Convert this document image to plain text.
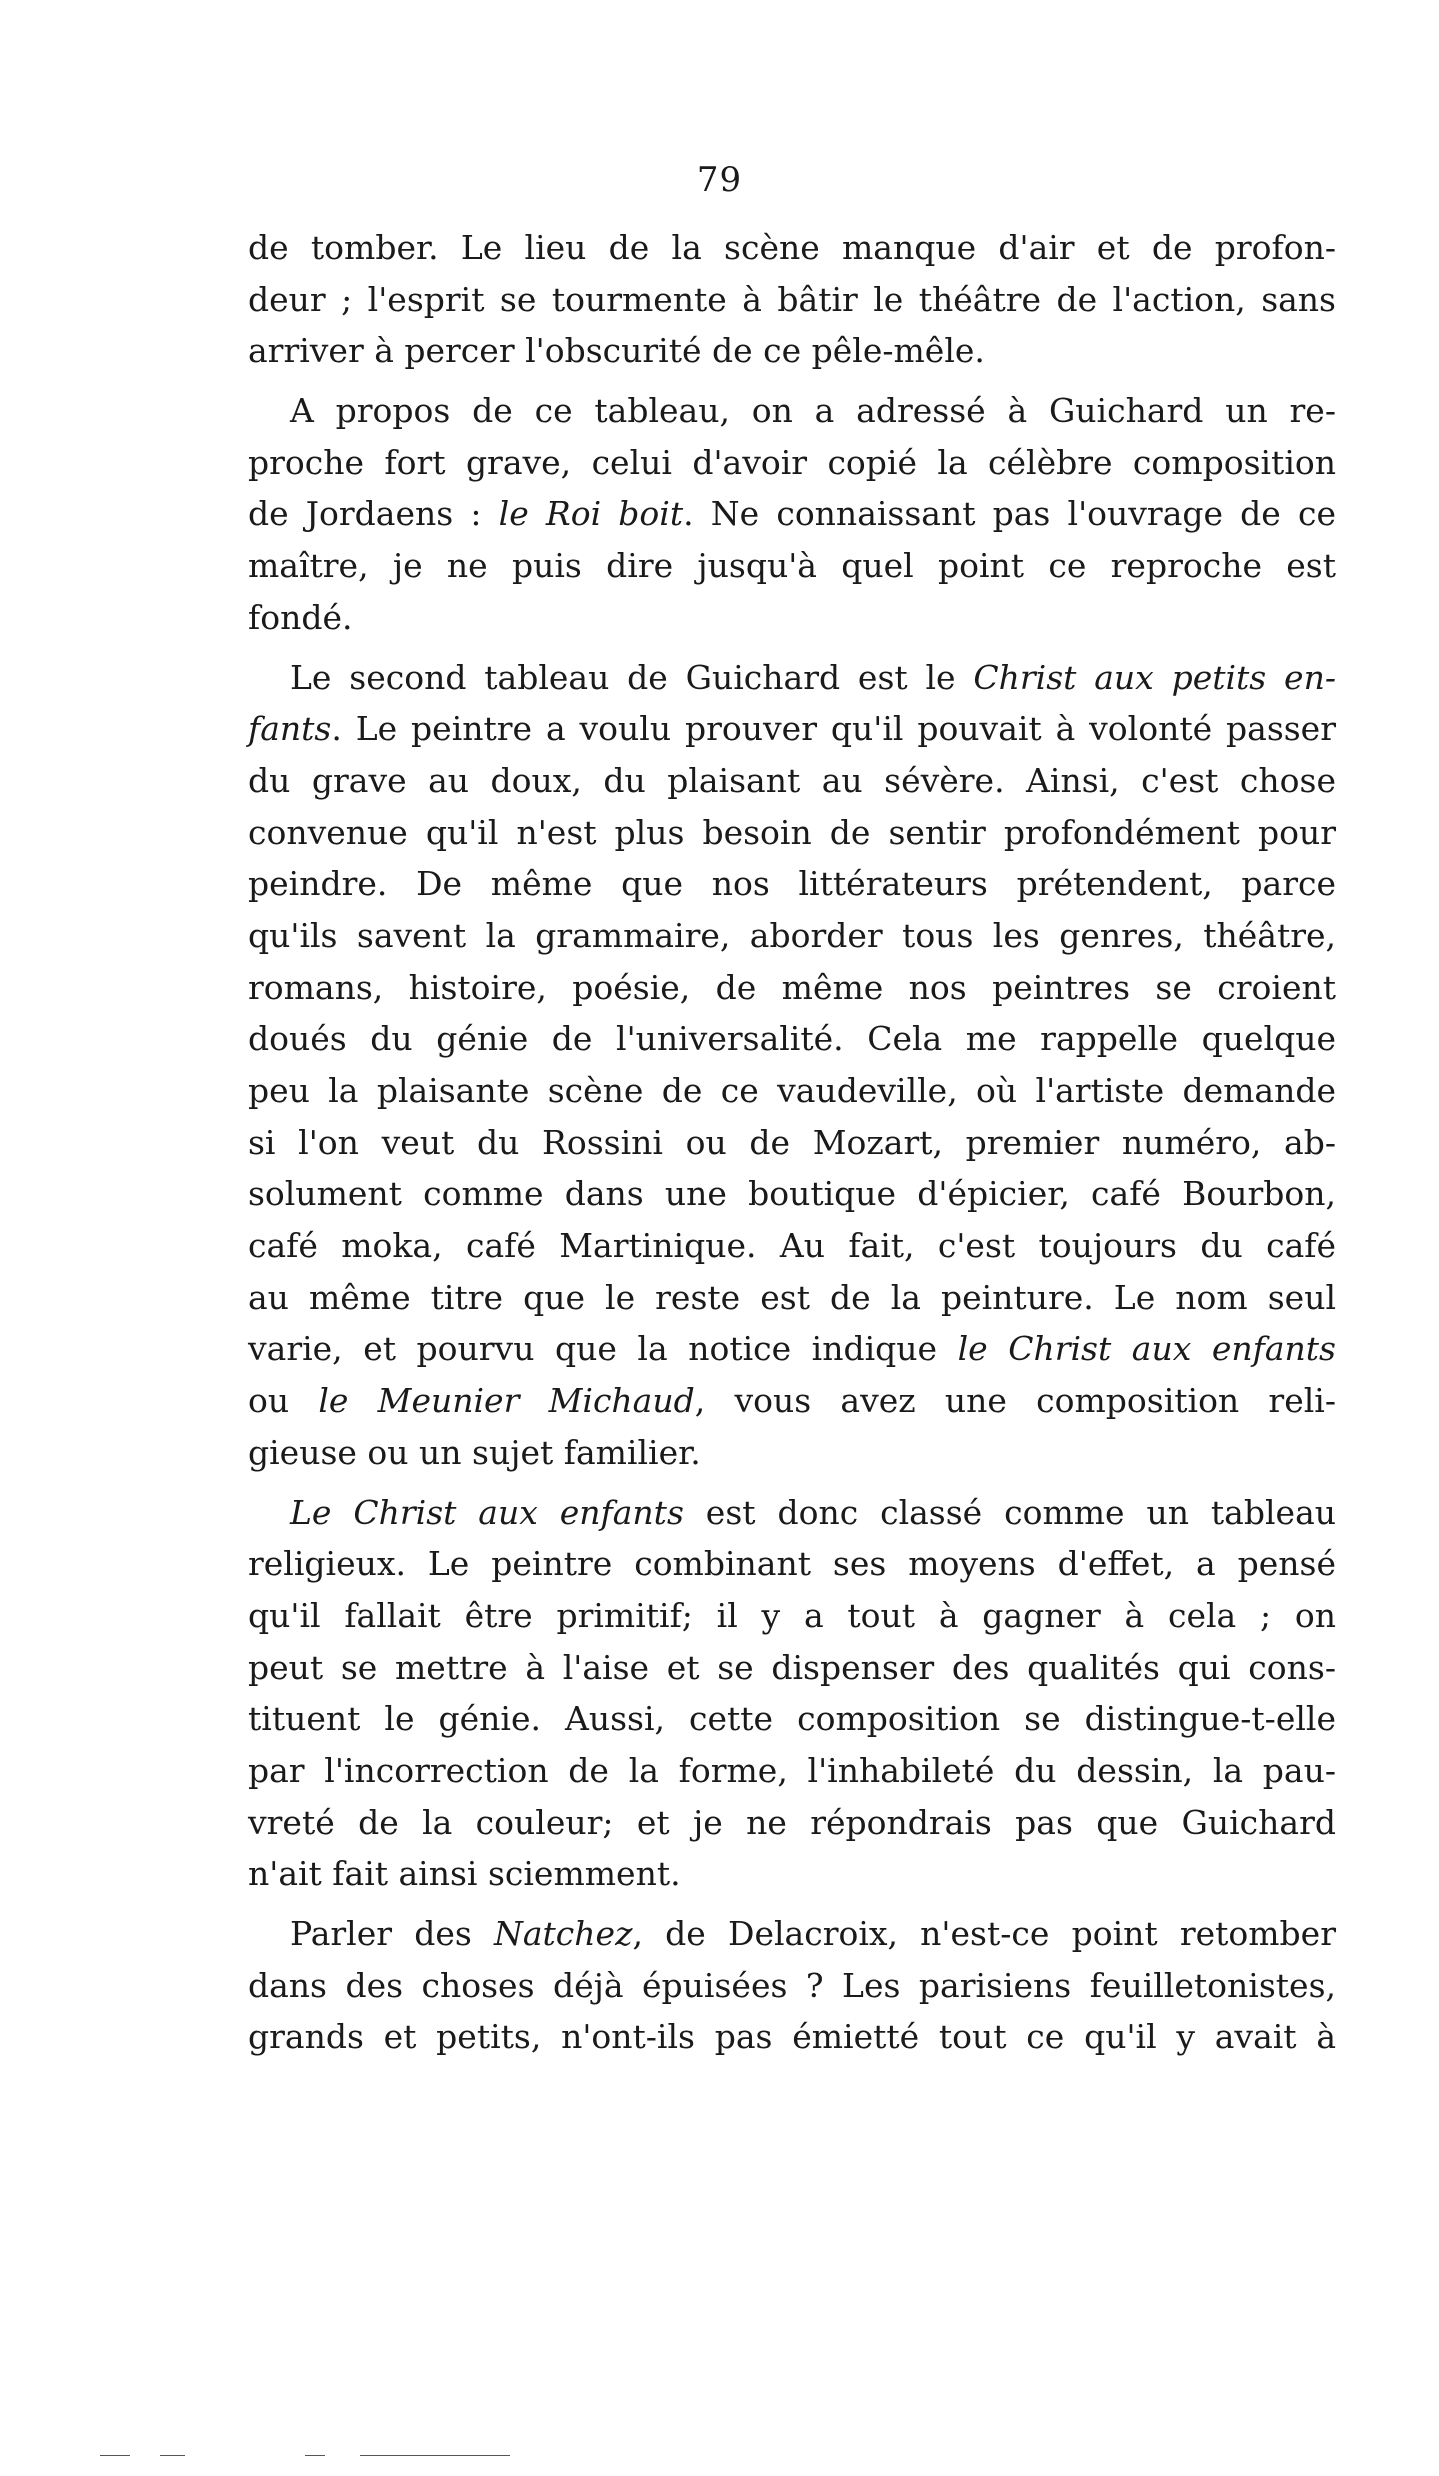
79
de tomber. Le lieu de la scène manque d'air et de profon-
deur ; l'esprit se tourmente à bâtir le théâtre de l'action, sans
arriver à percer l'obscurité de ce pêle-mêle.
A propos de ce tableau, on a adressé à Guichard un re-
proche fort grave, celui d'avoir copié la célèbre composition
de Jordaens : le Roi boit. Ne connaissant pas l'ouvrage de ce
maître, je ne puis dire jusqu'à quel point ce reproche est
fondé.
Le second tableau de Guichard est le Christ aux petits en-
fants. Le peintre a voulu prouver qu'il pouvait à volonté passer
du grave au doux, du plaisant au sévère. Ainsi, c'est chose
convenue qu'il n'est plus besoin de sentir profondément pour
peindre. De même que nos littérateurs prétendent, parce
qu'ils savent la grammaire, aborder tous les genres, théâtre,
romans, histoire, poésie, de même nos peintres se croient
doués du génie de l'universalité. Cela me rappelle quelque
peu la plaisante scène de ce vaudeville, où l'artiste demande
si l'on veut du Rossini ou de Mozart, premier numéro, ab-
solument comme dans une boutique d'épicier, café Bourbon,
café moka, café Martinique. Au fait, c'est toujours du café
au même titre que le reste est de la peinture. Le nom seul
varie, et pourvu que la notice indique le Christ aux enfants
ou le Meunier Michaud, vous avez une composition reli-
gieuse ou un sujet familier.
Le Christ aux enfants est donc classé comme un tableau
religieux. Le peintre combinant ses moyens d'effet, a pensé
qu'il fallait être primitif; il y a tout à gagner à cela ; on
peut se mettre à l'aise et se dispenser des qualités qui cons-
tituent le génie. Aussi, cette composition se distingue-t-elle
par l'incorrection de la forme, l'inhabileté du dessin, la pau-
vreté de la couleur; et je ne répondrais pas que Guichard
n'ait fait ainsi sciemment.
Parler des Natchez, de Delacroix, n'est-ce point retomber
dans des choses déjà épuisées ? Les parisiens feuilletonistes,
grands et petits, n'ont-ils pas émietté tout ce qu'il y avait à
